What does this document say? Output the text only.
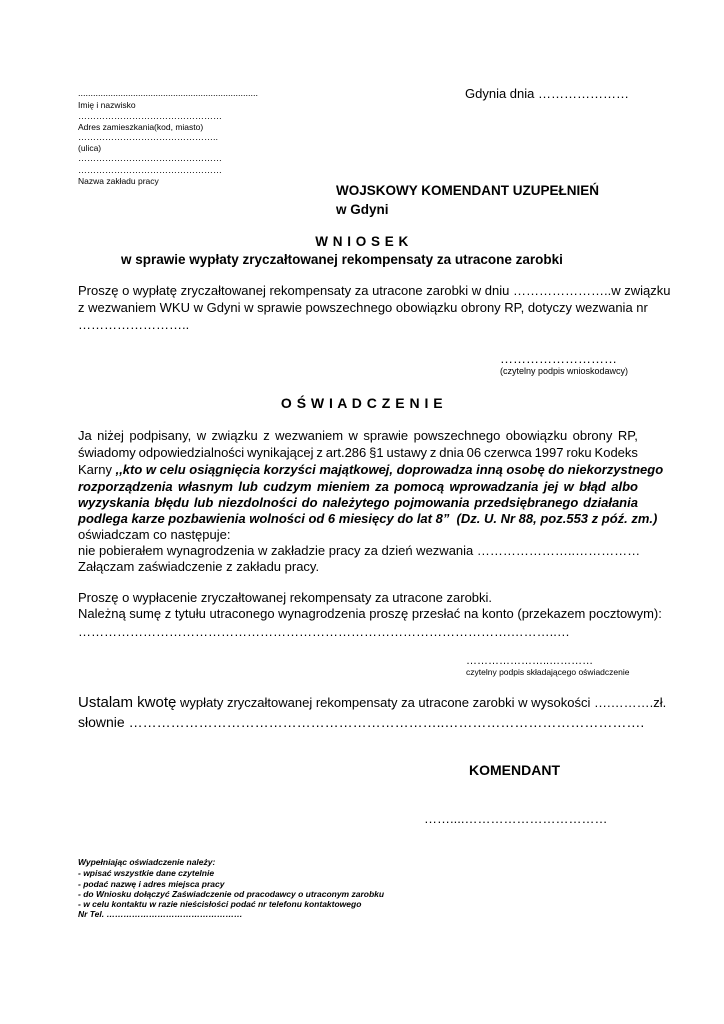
........................................................................
Imię i nazwisko
…………………………………………
Adres zamieszkania(kod, miasto)
………………………………………..
(ulica)
…………………………………………
…………………………………………
Nazwa zakładu pracy
Gdynia dnia …………………
WOJSKOWY KOMENDANT UZUPEŁNIEŃ
w Gdyni
W N I O S E K
w sprawie wypłaty zryczałtowanej rekompensaty za utracone zarobki
Proszę o wypłatę zryczałtowanej rekompensaty za utracone zarobki w dniu …………………..w związku
z wezwaniem WKU w Gdyni w sprawie powszechnego obowiązku obrony RP, dotyczy wezwania nr
……………………..
………………………
(czytelny podpis wnioskodawcy)
O Ś W I A D C Z E N I E
Ja niżej podpisany, w związku z wezwaniem w sprawie powszechnego obowiązku obrony RP,
świadomy odpowiedzialności wynikającej z art.286 §1 ustawy z dnia 06 czerwca 1997 roku Kodeks
Karny ,,kto w celu osiągnięcia korzyści majątkowej, doprowadza inną osobę do niekorzystnego
rozporządzenia własnym lub cudzym mieniem za pomocą wprowadzania jej w błąd albo
wyzyskania błędu lub niezdolności do należytego pojmowania przedsiębranego działania
podlega karze pozbawienia wolności od 6 miesięcy do lat 8”  (Dz. U. Nr 88, poz.553 z póź. zm.)
oświadczam co następuje:
nie pobierałem wynagrodzenia w zakładzie pracy za dzień wezwania …………………..……………
Załączam zaświadczenie z zakładu pracy.
Proszę o wypłacenie zryczałtowanej rekompensaty za utracone zarobki.
Należną sumę z tytułu utraconego wynagrodzenia proszę przesłać na konto (przekazem pocztowym):
……………………………………………………………………………………….………..…
…………………..…………
czytelny podpis składającego oświadczenie
Ustalam kwotę wypłaty zryczałtowanej rekompensaty za utracone zarobki w wysokości ….……….zł.
słownie …………………………………………………………..…………………………………….
KOMENDANT
……....……………………………
Wypełniając oświadczenie należy:
- wpisać wszystkie dane czytelnie
- podać nazwę i adres miejsca pracy
- do Wniosku dołączyć Zaświadczenie od pracodawcy o utraconym zarobku
- w celu kontaktu w razie nieścisłości podać nr telefonu kontaktowego
Nr Tel. …………………………………………
